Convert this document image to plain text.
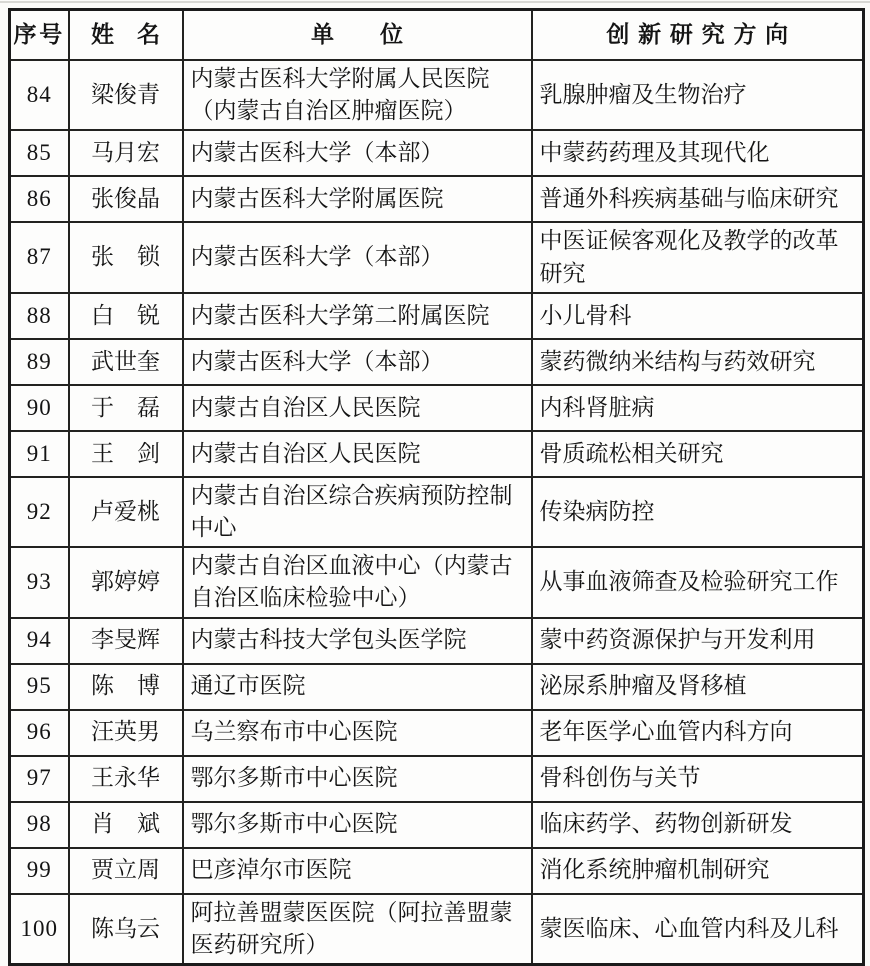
序号	姓　名	单　　位	创新研究方向
84	梁俊青	内蒙古医科大学附属人民医院（内蒙古自治区肿瘤医院）	乳腺肿瘤及生物治疗
85	马月宏	内蒙古医科大学（本部）	中蒙药药理及其现代化
86	张俊晶	内蒙古医科大学附属医院	普通外科疾病基础与临床研究
87	张　锁	内蒙古医科大学（本部）	中医证候客观化及教学的改革研究
88	白　锐	内蒙古医科大学第二附属医院	小儿骨科
89	武世奎	内蒙古医科大学（本部）	蒙药微纳米结构与药效研究
90	于　磊	内蒙古自治区人民医院	内科肾脏病
91	王　剑	内蒙古自治区人民医院	骨质疏松相关研究
92	卢爱桃	内蒙古自治区综合疾病预防控制中心	传染病防控
93	郭婷婷	内蒙古自治区血液中心（内蒙古自治区临床检验中心）	从事血液筛查及检验研究工作
94	李旻辉	内蒙古科技大学包头医学院	蒙中药资源保护与开发利用
95	陈　博	通辽市医院	泌尿系肿瘤及肾移植
96	汪英男	乌兰察布市中心医院	老年医学心血管内科方向
97	王永华	鄂尔多斯市中心医院	骨科创伤与关节
98	肖　斌	鄂尔多斯市中心医院	临床药学、药物创新研发
99	贾立周	巴彦淖尔市医院	消化系统肿瘤机制研究
100	陈乌云	阿拉善盟蒙医医院（阿拉善盟蒙医药研究所）	蒙医临床、心血管内科及儿科
